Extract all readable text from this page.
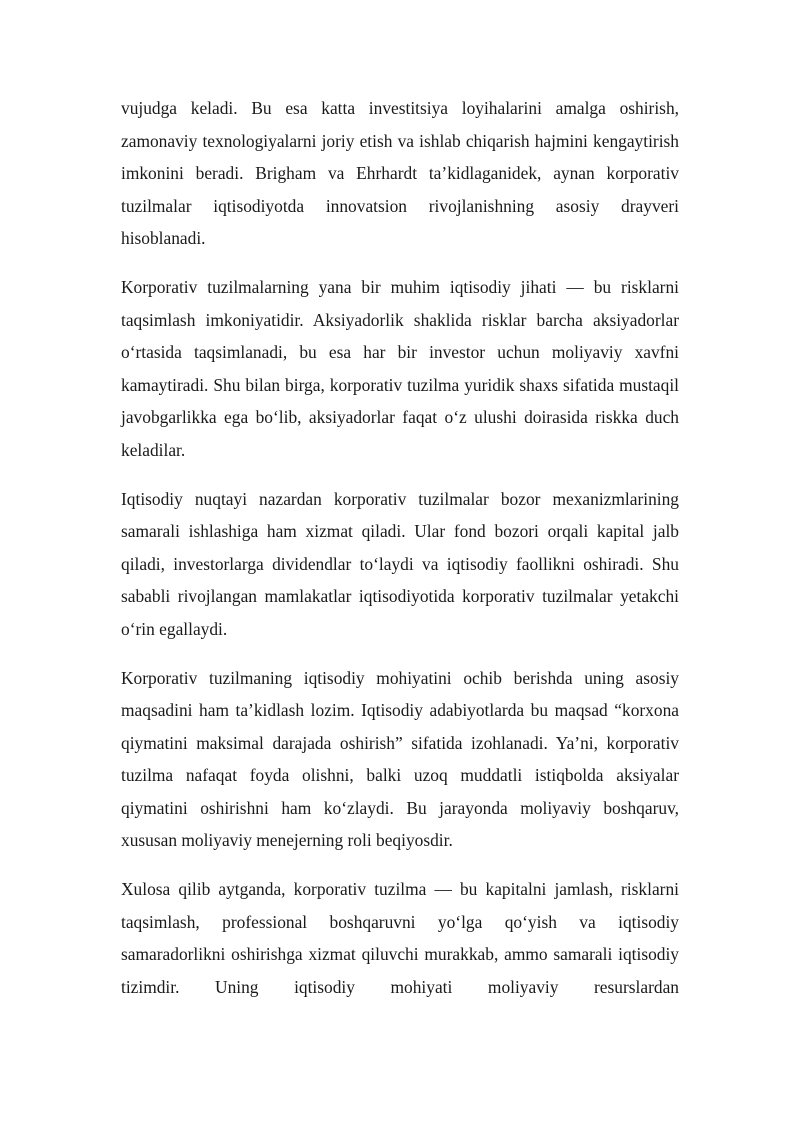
vujudga keladi. Bu esa katta investitsiya loyihalarini amalga oshirish, zamonaviy texnologiyalarni joriy etish va ishlab chiqarish hajmini kengaytirish imkonini beradi. Brigham va Ehrhardt ta’kidlaganidek, aynan korporativ tuzilmalar iqtisodiyotda innovatsion rivojlanishning asosiy drayveri hisoblanadi.

Korporativ tuzilmalarning yana bir muhim iqtisodiy jihati — bu risklarni taqsimlash imkoniyatidir. Aksiyadorlik shaklida risklar barcha aksiyadorlar o‘rtasida taqsimlanadi, bu esa har bir investor uchun moliyaviy xavfni kamaytiradi. Shu bilan birga, korporativ tuzilma yuridik shaxs sifatida mustaqil javobgarlikka ega bo‘lib, aksiyadorlar faqat o‘z ulushi doirasida riskka duch keladilar.

Iqtisodiy nuqtayi nazardan korporativ tuzilmalar bozor mexanizmlarining samarali ishlashiga ham xizmat qiladi. Ular fond bozori orqali kapital jalb qiladi, investorlarga dividendlar to‘laydi va iqtisodiy faollikni oshiradi. Shu sababli rivojlangan mamlakatlar iqtisodiyotida korporativ tuzilmalar yetakchi o‘rin egallaydi.

Korporativ tuzilmaning iqtisodiy mohiyatini ochib berishda uning asosiy maqsadini ham ta’kidlash lozim. Iqtisodiy adabiyotlarda bu maqsad “korxona qiymatini maksimal darajada oshirish” sifatida izohlanadi. Ya’ni, korporativ tuzilma nafaqat foyda olishni, balki uzoq muddatli istiqbolda aksiyalar qiymatini oshirishni ham ko‘zlaydi. Bu jarayonda moliyaviy boshqaruv, xususan moliyaviy menejerning roli beqiyosdir.

Xulosa qilib aytganda, korporativ tuzilma — bu kapitalni jamlash, risklarni taqsimlash, professional boshqaruvni yo‘lga qo‘yish va iqtisodiy samaradorlikni oshirishga xizmat qiluvchi murakkab, ammo samarali iqtisodiy tizimdir. Uning iqtisodiy mohiyati moliyaviy resurslardan
